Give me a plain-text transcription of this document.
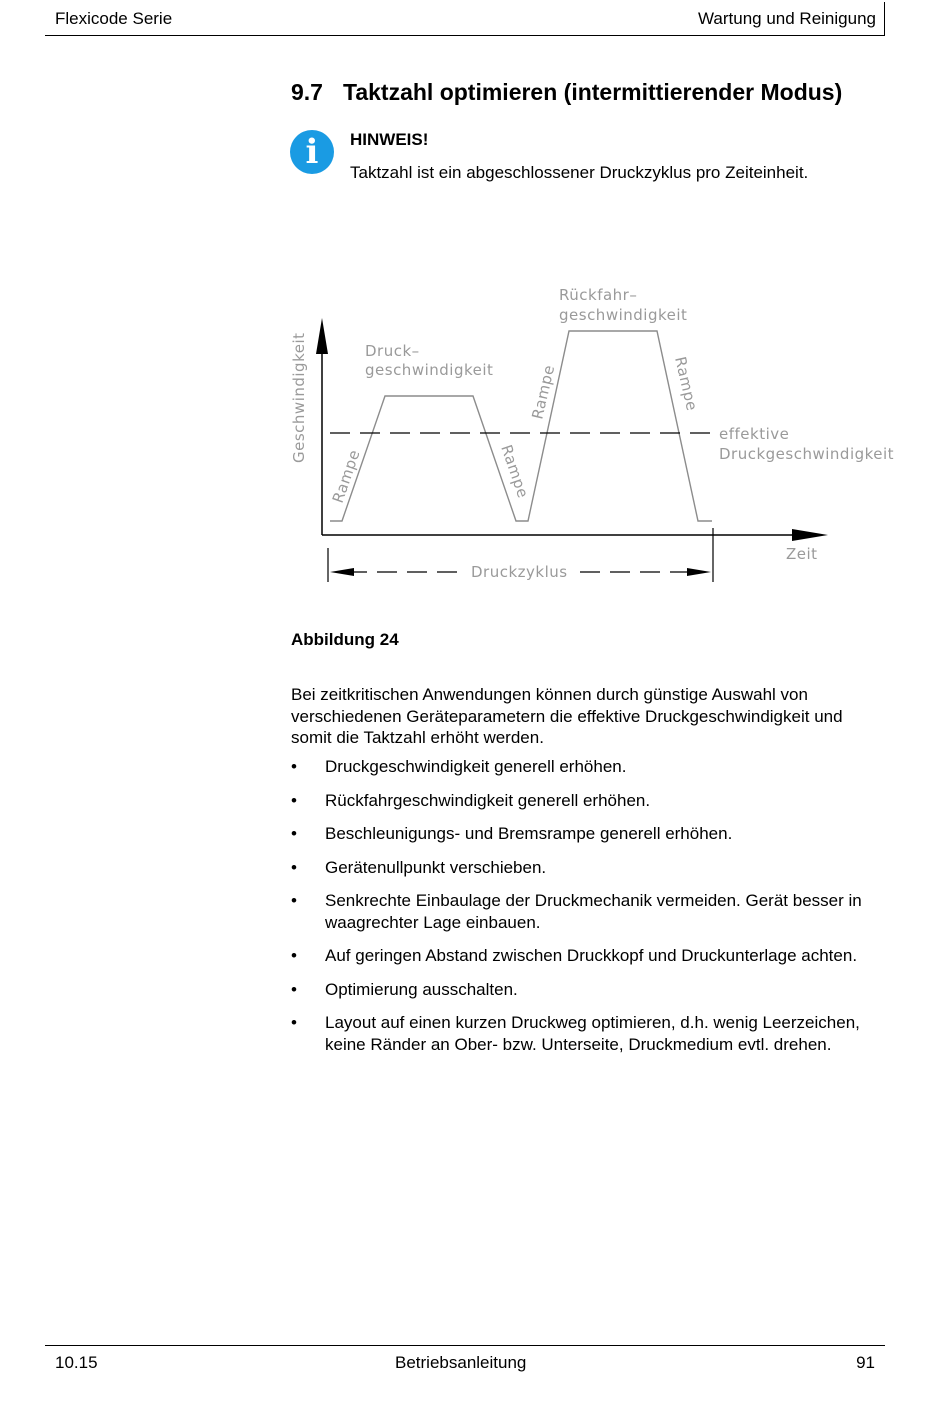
Flexicode Serie	Wartung und Reinigung
9.7 Taktzahl optimieren (intermittierender Modus)
i	HINWEIS!
Taktzahl ist ein abgeschlossener Druckzyklus pro Zeiteinheit.
Geschwindigkeit
Zeit
Druck–
geschwindigkeit
Rückfahr–
geschwindigkeit
Rampe	Rampe
Rampe	Rampe
effektive
Druckgeschwindigkeit
Druckzyklus
Abbildung 24
Bei zeitkritischen Anwendungen können durch günstige Auswahl von verschiedenen Geräteparametern die effektive Druckgeschwindigkeit und somit die Taktzahl erhöht werden.
• Druckgeschwindigkeit generell erhöhen.
• Rückfahrgeschwindigkeit generell erhöhen.
• Beschleunigungs- und Bremsrampe generell erhöhen.
• Gerätenullpunkt verschieben.
• Senkrechte Einbaulage der Druckmechanik vermeiden. Gerät besser in waagrechter Lage einbauen.
• Auf geringen Abstand zwischen Druckkopf und Druckunterlage achten.
• Optimierung ausschalten.
• Layout auf einen kurzen Druckweg optimieren, d.h. wenig Leerzeichen, keine Ränder an Ober- bzw. Unterseite, Druckmedium evtl. drehen.
10.15	Betriebsanleitung	91
